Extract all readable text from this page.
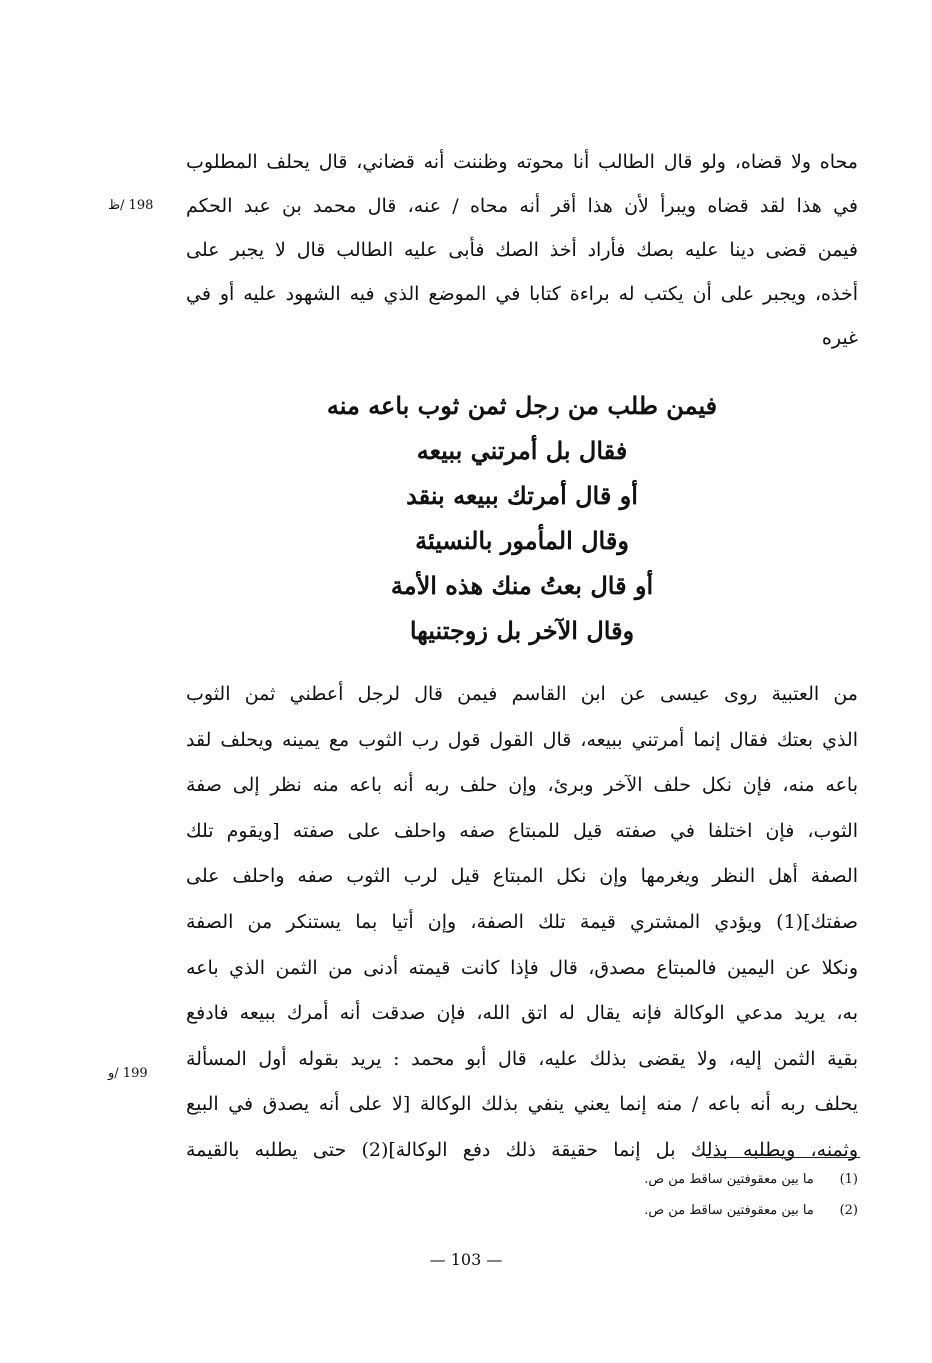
محاه ولا قضاه، ولو قال الطالب أنا محوته وظننت أنه قضاني، قال يحلف المطلوب
في هذا لقد قضاه ويبرأ لأن هذا أقر أنه محاه / عنه، قال محمد بن عبد الحكم
فيمن قضى دينا عليه بصك فأراد أخذ الصك فأبى عليه الطالب قال لا يجبر على
أخذه، ويجبر على أن يكتب له براءة كتابا في الموضع الذي فيه الشهود عليه أو في
غيره
198 /ظ
فيمن طلب من رجل ثمن ثوب باعه منه
فقال بل أمرتني ببيعه
أو قال أمرتك ببيعه بنقد
وقال المأمور بالنسيئة
أو قال بعتُ منك هذه الأمة
وقال الآخر بل زوجتنيها
من العتبية روى عيسى عن ابن القاسم فيمن قال لرجل أعطني ثمن الثوب
الذي بعتك فقال إنما أمرتني ببيعه، قال القول قول رب الثوب مع يمينه ويحلف لقد
باعه منه، فإن نكل حلف الآخر وبرئ، وإن حلف ربه أنه باعه منه نظر إلى صفة
الثوب، فإن اختلفا في صفته قيل للمبتاع صفه واحلف على صفته [ويقوم تلك
الصفة أهل النظر ويغرمها وإن نكل المبتاع قيل لرب الثوب صفه واحلف على
صفتك](1) ويؤدي المشتري قيمة تلك الصفة، وإن أتيا بما يستنكر من الصفة
ونكلا عن اليمين فالمبتاع مصدق، قال فإذا كانت قيمته أدنى من الثمن الذي باعه
به، يريد مدعي الوكالة فإنه يقال له اتق الله، فإن صدقت أنه أمرك ببيعه فادفع
بقية الثمن إليه، ولا يقضى بذلك عليه، قال أبو محمد : يريد بقوله أول المسألة
يحلف ربه أنه باعه / منه إنما يعني ينفي بذلك الوكالة [لا على أنه يصدق في البيع
وثمنه، ويطلبه بذلك بل إنما حقيقة ذلك دفع الوكالة](2) حتى يطلبه بالقيمة
199 /و
(1) ما بين معقوفتين ساقط من ص.
(2) ما بين معقوفتين ساقط من ص.
— 103 —
